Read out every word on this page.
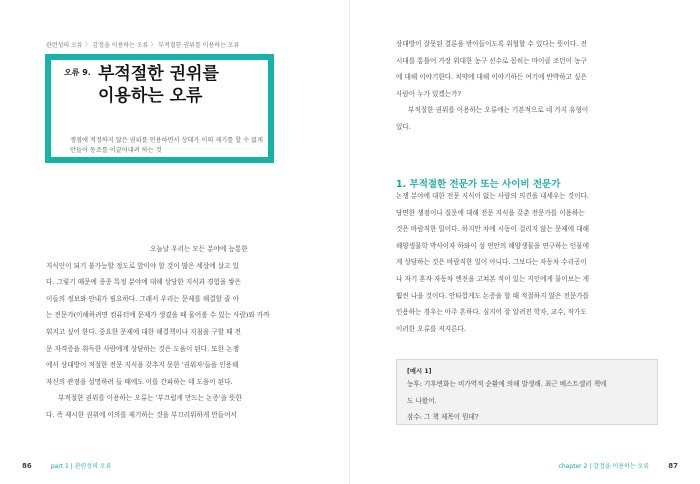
관련성의 오류 〉 감정을 이용하는 오류 〉 부적절한 권위를 이용하는 오류
오류 9. 부적절한 권위를
이용하는 오류
쟁점에 적정하지 않은 권위를 인용하면서 상대가 이의 제기를 할 수 없게
만들어 동조를 이끌어내려 하는 것

오늘날 우리는 모든 분야에 능통한

지식인이 되기 불가능할 정도로 앞이야 할 것이 많은 세상에 살고 있

다. 그렇기 때문에 종종 특정 분야에 대해 상당한 지식과 경험을 쌓은

이들의 정보와 안내가 필요하다. 그래서 우리는 문제를 해결할 줄 아

는 전문가(이해하려면 컴퓨터에 문제가 생겼을 때 물어볼 수 있는 사람)와 가까

워지고 싶어 한다. 중요한 문제에 대한 해결책이나 지침을 구할 때 전

문 자격증을 취득한 사람에게 상담하는 것은 도움이 된다. 또한 논쟁

에서 상대방이 적절한 전문 지식을 갖추지 못한 '권위자'들을 인용해

자신의 관점을 설명하려 들 때에도 이를 간파하는 데 도움이 된다.

부적절한 권위를 이용하는 오류는 '부끄럽게 만드는 논증'을 뜻한

다. 즉 제시한 권위에 이의를 제기하는 것을 부끄러워하게 만들어서

86	part 1 | 관련성의 오류

상대방이 잘못된 결론을 받아들이도록 위협할 수 있다는 뜻이다. 전

시대를 통틀어 가장 위대한 농구 선수로 꼽히는 마이클 조던이 농구

에 대해 이야기한다. 치약에 대해 이야기하든 여기에 반박하고 싶은

사람이 누가 있겠는가?

부적절한 권위를 이용하는 오류에는 기본적으로 네 가지 유형이

있다.

1. 부적절한 전문가 또는 사이비 전문가

논쟁 분야에 대한 전문 지식이 없는 사람의 의견을 내세우는 것이다.

당면한 쟁점이나 질문에 대해 전문 지식을 갖춘 전문가를 이용하는

것은 바람직한 일이다. 하지만 차에 시동이 걸리지 않는 문제에 대해

해양생물학 박사이자 하와이 섬 연안의 해양생물을 연구하는 인물에

게 상담하는 것은 바람직한 일이 아니다. 그보다는 자동차 수리공이

나 자기 혼자 자동차 엔진을 고쳐본 적이 있는 지인에게 물어보는 게

훨씬 나을 것이다. 안타깝게도 논증을 할 때 적절하지 않은 전문가를

인용하는 경우는 아주 흔하다. 심지어 잘 알려진 학자, 교수, 작가도

이러한 오류를 저지른다.

[예시 1]
농후: 기후변화는 비가역적 순환에 의해 발생해. 최근 베스트셀러 책에
도 나왔어.
잠수: 그 책 제목이 뭔데?
chapter 2 | 감정을 이용하는 오류	87
